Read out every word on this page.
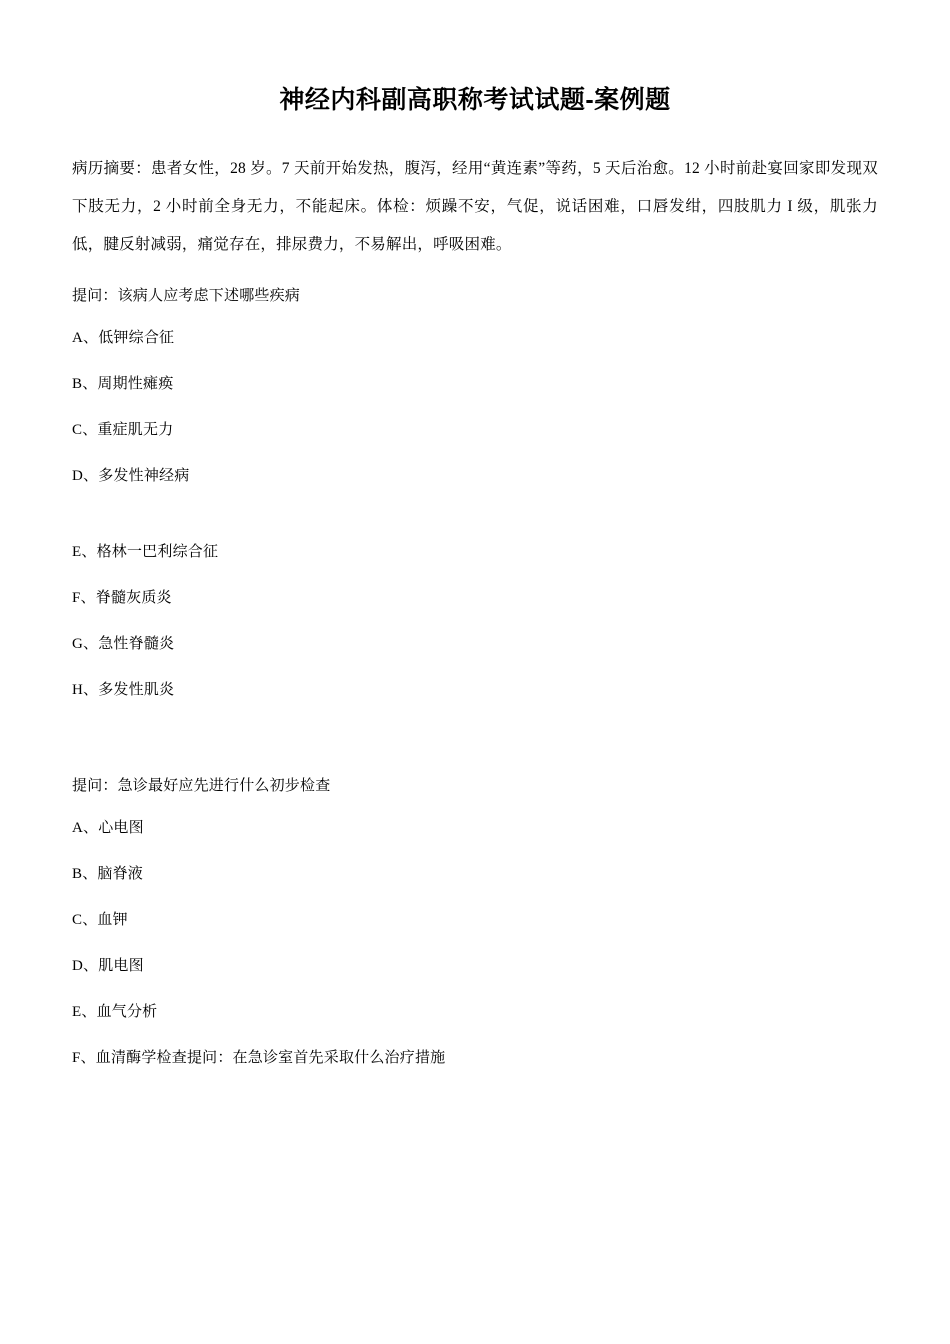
神经内科副高职称考试试题-案例题

病历摘要：患者女性，28 岁。7 天前开始发热，腹泻，经用“黄连素”等药，5 天后治愈。12 小时前赴宴回家即发现双下肢无力，2 小时前全身无力，不能起床。体检：烦躁不安，气促，说话困难，口唇发绀，四肢肌力 I 级，肌张力低，腱反射减弱，痛觉存在，排尿费力，不易解出，呼吸困难。

提问：该病人应考虑下述哪些疾病

A、低钾综合征

B、周期性瘫痪

C、重症肌无力

D、多发性神经病

E、格林一巴利综合征

F、脊髓灰质炎

G、急性脊髓炎

H、多发性肌炎

提问：急诊最好应先进行什么初步检查

A、心电图

B、脑脊液

C、血钾

D、肌电图

E、血气分析

F、血清酶学检查提问：在急诊室首先采取什么治疗措施
